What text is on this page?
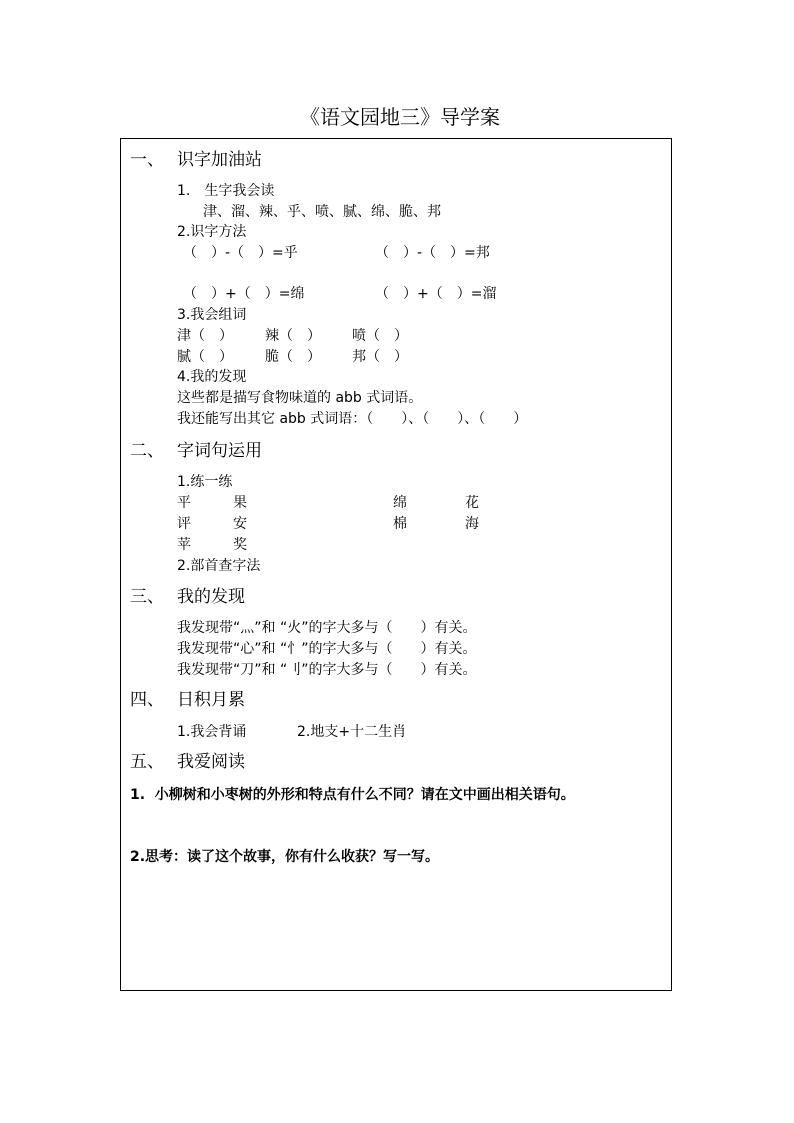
《语文园地三》导学案
一、 识字加油站
1.　生字我会读
津、溜、辣、乎、喷、腻、绵、脆、邦
2.识字方法
（　）-（　）=乎	（　）-（　）=邦
（　）+（　）=绵	（　）+（　）=溜
3.我会组词
津（　） 辣（　） 喷（　）
腻（　） 脆（　） 邦（　）
4.我的发现
这些都是描写食物味道的 abb 式词语。
我还能写出其它 abb 式词语：（　　）、（　　）、（　　）
二、 字词句运用
1.练一练
平	果	绵	花
评	安	棉	海
苹	奖
2.部首查字法
三、 我的发现
我发现带“灬”和 “火”的字大多与（　　）有关。
我发现带“心”和 “忄”的字大多与（　　）有关。
我发现带“刀”和 “刂”的字大多与（　　）有关。
四、 日积月累
1.我会背诵	2.地支+十二生肖
五、 我爱阅读
1.  小柳树和小枣树的外形和特点有什么不同？请在文中画出相关语句。
2.思考：读了这个故事，你有什么收获？写一写。
